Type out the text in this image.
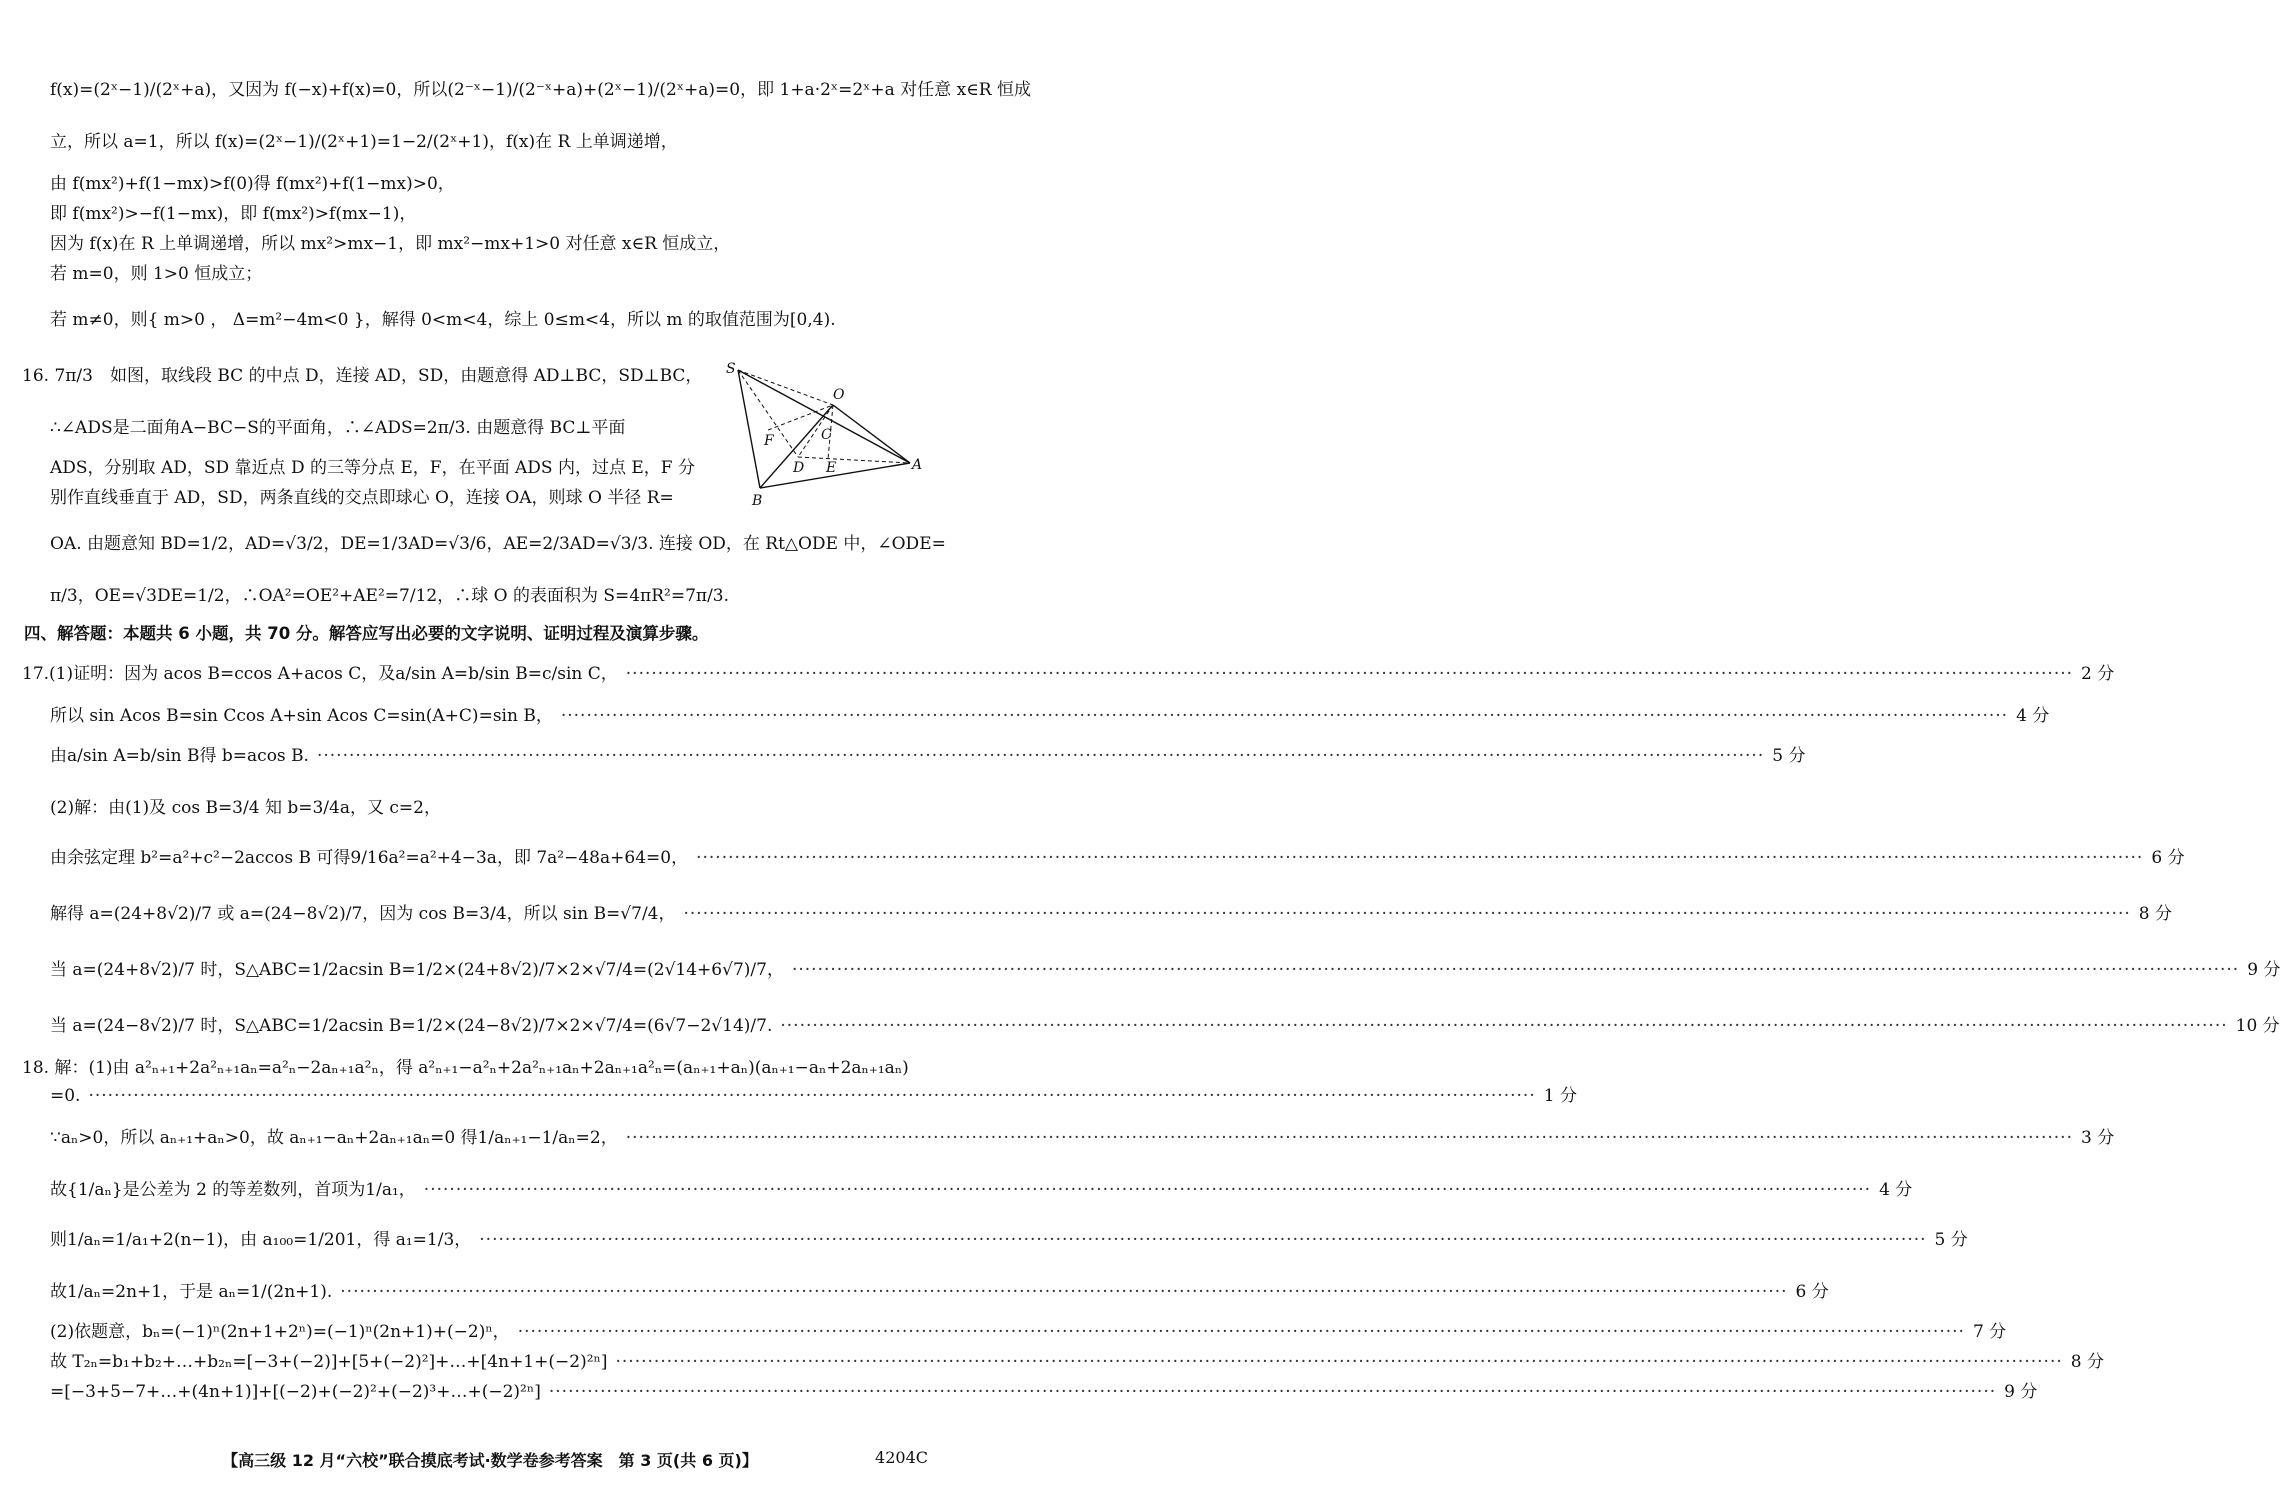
f(x)=(2ˣ−1)/(2ˣ+a)，又因为 f(−x)+f(x)=0，所以(2⁻ˣ−1)/(2⁻ˣ+a)+(2ˣ−1)/(2ˣ+a)=0，即 1+a·2ˣ=2ˣ+a 对任意 x∈R 恒成
立，所以 a=1，所以 f(x)=(2ˣ−1)/(2ˣ+1)=1−2/(2ˣ+1)，f(x)在 R 上单调递增，
由 f(mx²)+f(1−mx)>f(0)得 f(mx²)+f(1−mx)>0，
即 f(mx²)>−f(1−mx)，即 f(mx²)>f(mx−1)，
因为 f(x)在 R 上单调递增，所以 mx²>mx−1，即 mx²−mx+1>0 对任意 x∈R 恒成立，
若 m=0，则 1>0 恒成立；
若 m≠0，则{ m>0 ， Δ=m²−4m<0 }，解得 0<m<4，综上 0≤m<4，所以 m 的取值范围为[0,4).
16. 7π/3　如图，取线段 BC 的中点 D，连接 AD，SD，由题意得 AD⊥BC，SD⊥BC，
∴∠ADS是二面角A−BC−S的平面角，∴∠ADS=2π/3. 由题意得 BC⊥平面
ADS，分别取 AD，SD 靠近点 D 的三等分点 E，F，在平面 ADS 内，过点 E，F 分
别作直线垂直于 AD，SD，两条直线的交点即球心 O，连接 OA，则球 O 半径 R=
OA. 由题意知 BD=1/2，AD=√3/2，DE=1/3AD=√3/6，AE=2/3AD=√3/3. 连接 OD，在 Rt△ODE 中，∠ODE=
π/3，OE=√3DE=1/2，∴OA²=OE²+AE²=7/12，∴球 O 的表面积为 S=4πR²=7π/3.
S
O
C
F
D E	A
B
四、解答题：本题共 6 小题，共 70 分。解答应写出必要的文字说明、证明过程及演算步骤。
17.(1)证明：因为 acos B=ccos A+acos C，及a/sin A=b/sin B=c/sin C， ·····	2 分
所以 sin Acos B=sin Ccos A+sin Acos C=sin(A+C)=sin B， ·····	4 分
由a/sin A=b/sin B得 b=acos B. ·····	5 分
(2)解：由(1)及 cos B=3/4 知 b=3/4a，又 c=2，
由余弦定理 b²=a²+c²−2accos B 可得9/16a²=a²+4−3a，即 7a²−48a+64=0， ·····	6 分
解得 a=(24+8√2)/7 或 a=(24−8√2)/7，因为 cos B=3/4，所以 sin B=√7/4， ·····	8 分
当 a=(24+8√2)/7 时，S△ABC=1/2acsin B=1/2×(24+8√2)/7×2×√7/4=(2√14+6√7)/7， ·····	9 分
当 a=(24−8√2)/7 时，S△ABC=1/2acsin B=1/2×(24−8√2)/7×2×√7/4=(6√7−2√14)/7. ·····	10 分
18. 解：(1)由 a²ₙ₊₁+2a²ₙ₊₁aₙ=a²ₙ−2aₙ₊₁a²ₙ，得 a²ₙ₊₁−a²ₙ+2a²ₙ₊₁aₙ+2aₙ₊₁a²ₙ=(aₙ₊₁+aₙ)(aₙ₊₁−aₙ+2aₙ₊₁aₙ)
=0. ·····	1 分
∵aₙ>0，所以 aₙ₊₁+aₙ>0，故 aₙ₊₁−aₙ+2aₙ₊₁aₙ=0 得1/aₙ₊₁−1/aₙ=2， ·····	3 分
故{1/aₙ}是公差为 2 的等差数列，首项为1/a₁， ·····	4 分
则1/aₙ=1/a₁+2(n−1)，由 a₁₀₀=1/201，得 a₁=1/3， ·····	5 分
故1/aₙ=2n+1，于是 aₙ=1/(2n+1). ·····	6 分
(2)依题意，bₙ=(−1)ⁿ(2n+1+2ⁿ)=(−1)ⁿ(2n+1)+(−2)ⁿ， ·····	7 分
故 T₂ₙ=b₁+b₂+…+b₂ₙ=[−3+(−2)]+[5+(−2)²]+…+[4n+1+(−2)²ⁿ] ·····	8 分
=[−3+5−7+…+(4n+1)]+[(−2)+(−2)²+(−2)³+…+(−2)²ⁿ] ·····	9 分
【高三级 12 月“六校”联合摸底考试·数学卷参考答案　第 3 页(共 6 页)】	4204C
